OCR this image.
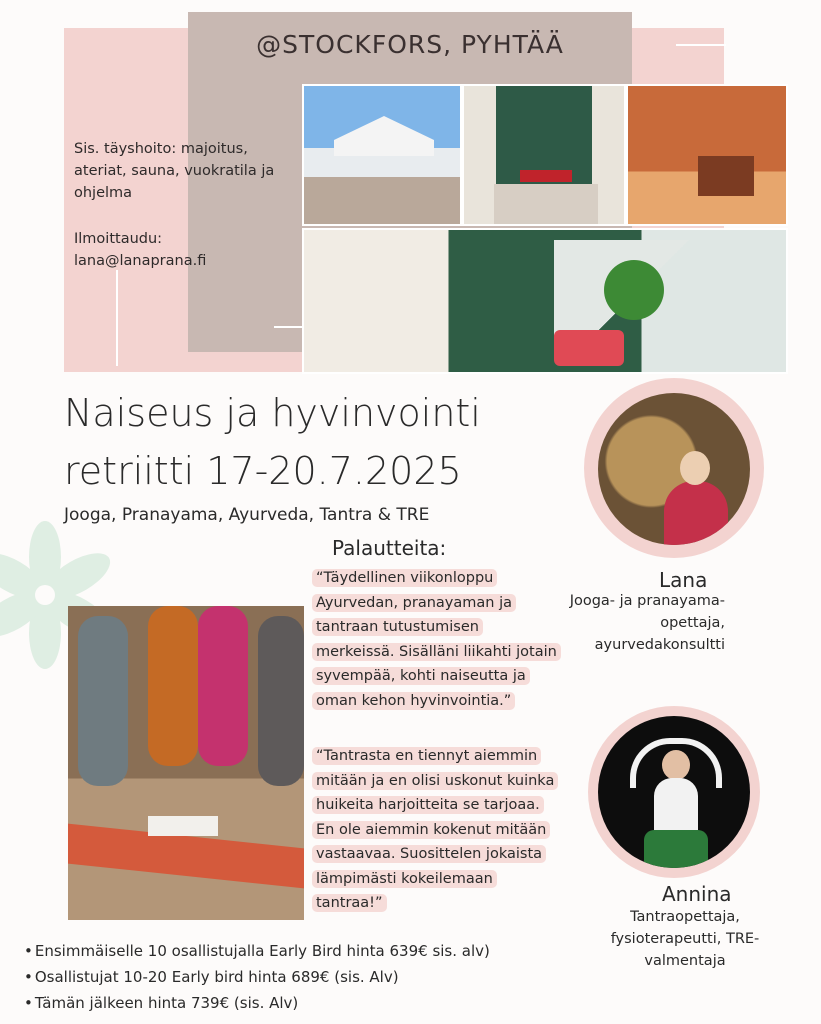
@STOCKFORS, PYHTÄÄ

Sis. täyshoito: majoitus, ateriat, sauna, vuokratila ja ohjelma

Ilmoittaudu:
lana@lanaprana.fi

Naiseus ja hyvinvointi
retriitti 17-20.7.2025
Jooga, Pranayama, Ayurveda, Tantra & TRE
Palautteita:
“Täydellinen viikonloppu Ayurvedan, pranayaman ja tantraan tutustumisen merkeissä. Sisälläni liikahti jotain syvempää, kohti naiseutta ja oman kehon hyvinvointia.”
“Tantrasta en tiennyt aiemmin mitään ja en olisi uskonut kuinka huikeita harjoitteita se tarjoaa. En ole aiemmin kokenut mitään vastaavaa. Suosittelen jokaista lämpimästi kokeilemaan tantraa!”
Lana
Jooga- ja pranayama-opettaja, ayurvedakonsultti
Annina
Tantraopettaja, fysioterapeutti, TRE-valmentaja
• Ensimmäiselle 10 osallistujalla Early Bird hinta 639€ sis. alv)
• Osallistujat 10-20 Early bird hinta 689€ (sis. Alv)
• Tämän jälkeen hinta 739€ (sis. Alv)
